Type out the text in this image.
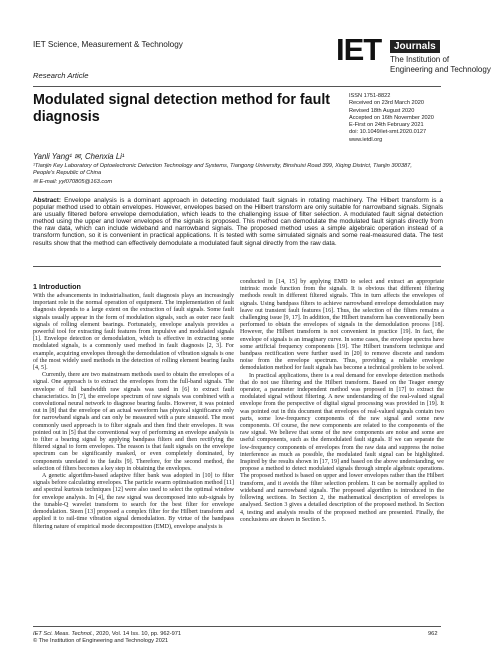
IET Science, Measurement & Technology
Research Article
IET Journals
The Institution of
Engineering and Technology
Modulated signal detection method for fault diagnosis
ISSN 1751-8822
Received on 23rd March 2020
Revised 18th August 2020
Accepted on 16th November 2020
E-First on 24th February 2021
doi: 10.1049/iet-smt.2020.0127
www.ietdl.org
Yanli Yang¹ ✉, Chenxia Li¹
¹Tianjin Key Laboratory of Optoelectronic Detection Technology and Systems, Tiangong University, Binshuixi Road 399, Xiqing District, Tianjin 300387, People's Republic of China
✉ E-mail: yyl070805@163.com
Abstract: Envelope analysis is a dominant approach in detecting modulated fault signals in rotating machinery. The Hilbert transform is a popular method used to obtain envelopes. However, envelopes based on the Hilbert transform are only suitable for narrowband signals. Signals are usually filtered before envelope demodulation, which leads to the challenging issue of filter selection. A modulated fault signal detection method using the upper and lower envelopes of the signals is proposed. This method can demodulate the modulated fault signals directly from the raw data, which can include wideband and narrowband signals. The proposed method uses a simple algebraic operation instead of a transform function, so it is convenient in practical applications. It is tested with some simulated signals and some real-measured data. The test results show that the method can effectively demodulate a modulated fault signal directly from the raw data.
1 Introduction

With the advancements in industrialisation, fault diagnosis plays an increasingly important role in the normal operation of equipment. The implementation of fault diagnosis depends to a large extent on the extraction of fault signals. Some fault signals usually appear in the form of modulation signals, such as outer race fault signals of rolling element bearings. Fortunately, envelope analysis provides a powerful tool for extracting fault features from impulsive and modulated signals [1]. Envelope detection or demodulation, which is effective in extracting some modulated signals, is a commonly used method in fault diagnosis [2, 3]. For example, acquiring envelopes through the demodulation of vibration signals is one of the most widely used methods in the detection of rolling element bearing faults [4, 5].

Currently, there are two mainstream methods used to obtain the envelopes of a signal. One approach is to extract the envelopes from the full-band signals. The envelope of full bandwidth raw signals was used in [6] to extract fault characteristics. In [7], the envelope spectrum of raw signals was combined with a convolutional neural network to diagnose bearing faults. However, it was pointed out in [8] that the envelope of an actual waveform has physical significance only for narrowband signals and can only be measured with a pure sinusoid. The most commonly used approach is to filter signals and then find their envelopes. It was pointed out in [5] that the conventional way of performing an envelope analysis is to filter a bearing signal by applying bandpass filters and then rectifying the filtered signal to form envelopes. The reason is that fault signals on the envelope spectrum can be significantly masked, or even completely dominated, by components unrelated to the faults [9]. Therefore, for the second method, the selection of filters becomes a key step in obtaining the envelopes.

A genetic algorithm-based adaptive filter bank was adopted in [10] to filter signals before calculating envelopes. The particle swarm optimisation method [11] and spectral kurtosis techniques [12] were also used to select the optimal window for envelope analysis. In [4], the raw signal was decomposed into sub-signals by the tunable-Q wavelet transform to search for the best filter for envelope demodulation. Steen [13] proposed a complex filter for the Hilbert transform and applied it to rail-time vibration signal demodulation. By virtue of the bandpass filtering nature of empirical mode decomposition (EMD), envelope analysis is

conducted in [14, 15] by applying EMD to select and extract an appropriate intrinsic mode function from the signals. It is obvious that different filtering methods result in different filtered signals. This in turn affects the envelopes of signals. Using bandpass filters to achieve narrowband envelope demodulation may leave out transient fault features [16]. Thus, the selection of the filters remains a challenging issue [9, 17]. In addition, the Hilbert transform has conventionally been performed to obtain the envelopes of signals in the demodulation process [18]. However, the Hilbert transform is not convenient in practice [19]. In fact, the envelope of signals is an imaginary curve. In some cases, the envelope spectra have some artificial frequency components [19]. The Hilbert transform technique and bandpass rectification were further used in [20] to remove discrete and random noise from the envelope spectrum. Thus, providing a reliable envelope demodulation method for fault signals has become a technical problem to be solved.

In practical applications, there is a real demand for envelope detection methods that do not use filtering and the Hilbert transform. Based on the Teager energy operator, a parameter independent method was proposed in [17] to extract the modulated signal without filtering. A new understanding of the real-valued signal envelope from the perspective of digital signal processing was provided in [19]. It was pointed out in this document that envelopes of real-valued signals contain two parts, some low-frequency components of the raw signal and some new components. Of course, the new components are related to the components of the raw signal. We believe that some of the new components are noise and some are useful components, such as the demodulated fault signals. If we can separate the low-frequency components of envelopes from the raw data and suppress the noise interference as much as possible, the modulated fault signal can be highlighted. Inspired by the results shown in [17, 19] and based on the above understanding, we propose a method to detect modulated signals through simple algebraic operations. The proposed method is based on upper and lower envelopes rather than the Hilbert transform, and it avoids the filter selection problem. It can be normally applied to wideband and narrowband signals. The proposed algorithm is introduced in the following sections. In Section 2, the mathematical description of envelopes is analysed. Section 3 gives a detailed description of the proposed method. In Section 4, testing and analysis results of the proposed method are presented. Finally, the conclusions are drawn in Section 5.

IET Sci. Meas. Technol., 2020, Vol. 14 Iss. 10, pp. 962-971
© The Institution of Engineering and Technology 2021
962
